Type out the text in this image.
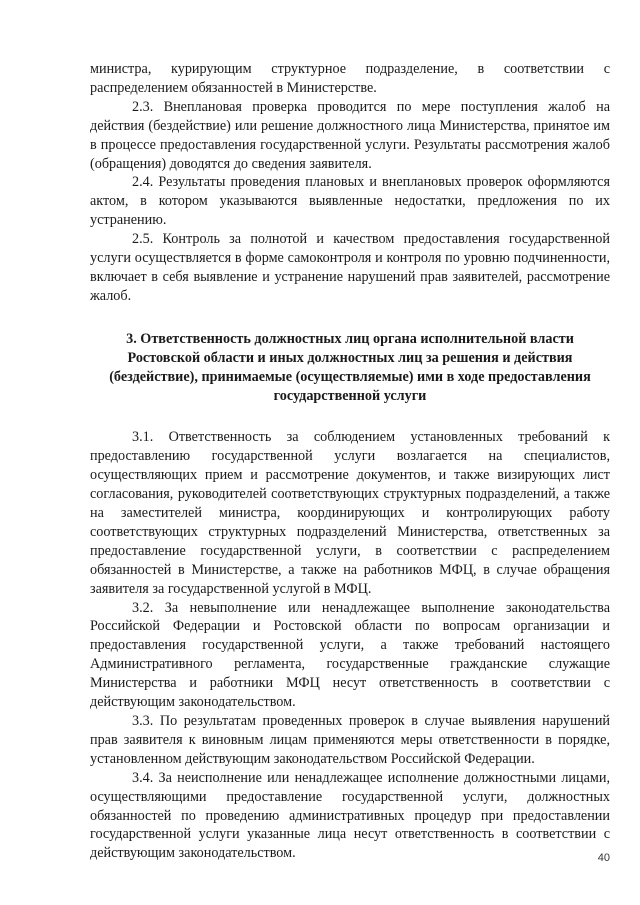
министра, курирующим структурное подразделение, в соответствии с распределением обязанностей в Министерстве.

2.3. Внеплановая проверка проводится по мере поступления жалоб на действия (бездействие) или решение должностного лица Министерства, принятое им в процессе предоставления государственной услуги. Результаты рассмотрения жалоб (обращения) доводятся до сведения заявителя.

2.4. Результаты проведения плановых и внеплановых проверок оформляются актом, в котором указываются выявленные недостатки, предложения по их устранению.

2.5. Контроль за полнотой и качеством предоставления государственной услуги осуществляется в форме самоконтроля и контроля по уровню подчиненности, включает в себя выявление и устранение нарушений прав заявителей, рассмотрение жалоб.

3. Ответственность должностных лиц органа исполнительной власти Ростовской области и иных должностных лиц за решения и действия (бездействие), принимаемые (осуществляемые) ими в ходе предоставления государственной услуги

3.1. Ответственность за соблюдением установленных требований к предоставлению государственной услуги возлагается на специалистов, осуществляющих прием и рассмотрение документов, и также визирующих лист согласования, руководителей соответствующих структурных подразделений, а также на заместителей министра, координирующих и контролирующих работу соответствующих структурных подразделений Министерства, ответственных за предоставление государственной услуги, в соответствии с распределением обязанностей в Министерстве, а также на работников МФЦ, в случае обращения заявителя за государственной услугой в МФЦ.

3.2. За невыполнение или ненадлежащее выполнение законодательства Российской Федерации и Ростовской области по вопросам организации и предоставления государственной услуги, а также требований настоящего Административного регламента, государственные гражданские служащие Министерства и работники МФЦ несут ответственность в соответствии с действующим законодательством.

3.3. По результатам проведенных проверок в случае выявления нарушений прав заявителя к виновным лицам применяются меры ответственности в порядке, установленном действующим законодательством Российской Федерации.

3.4. За неисполнение или ненадлежащее исполнение должностными лицами, осуществляющими предоставление государственной услуги, должностных обязанностей по проведению административных процедур при предоставлении государственной услуги указанные лица несут ответственность в соответствии с действующим законодательством.	40
